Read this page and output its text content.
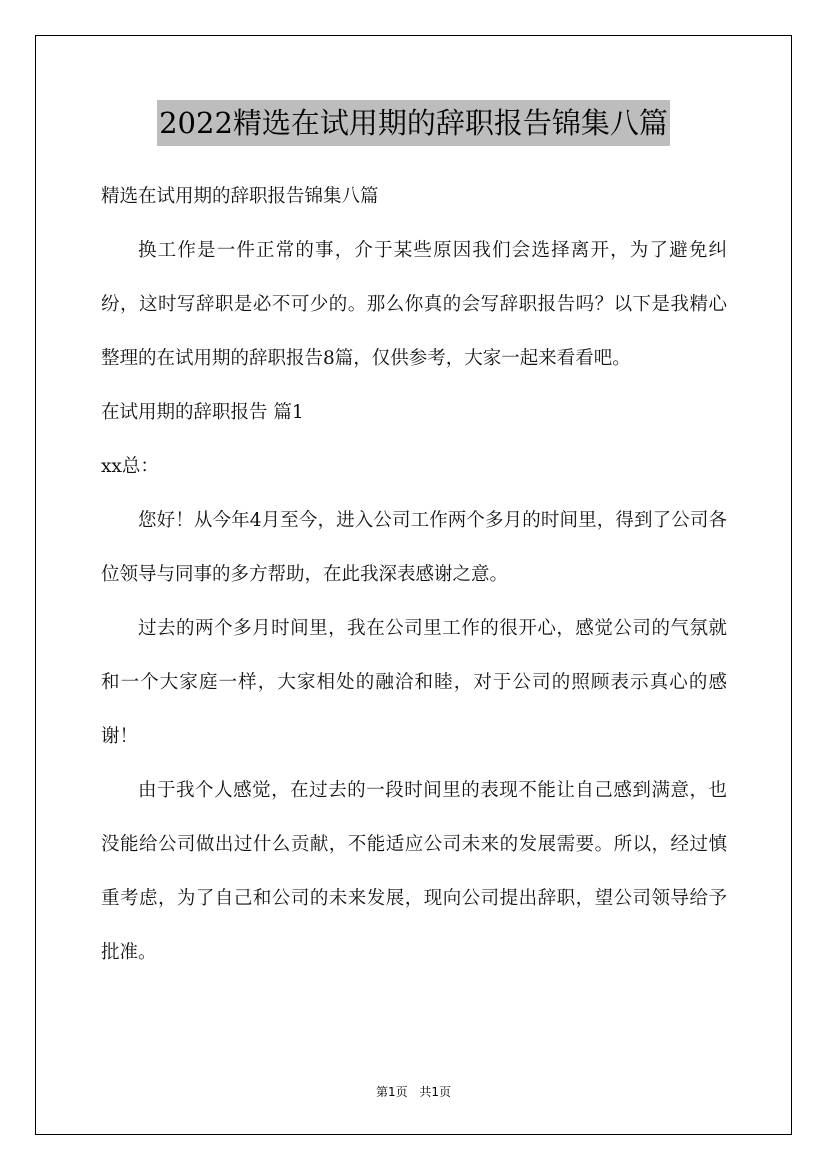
2022精选在试用期的辞职报告锦集八篇

精选在试用期的辞职报告锦集八篇

换工作是一件正常的事，介于某些原因我们会选择离开，为了避免纠纷，这时写辞职是必不可少的。那么你真的会写辞职报告吗？以下是我精心整理的在试用期的辞职报告8篇，仅供参考，大家一起来看看吧。

在试用期的辞职报告 篇1

xx总：

您好！从今年4月至今，进入公司工作两个多月的时间里，得到了公司各位领导与同事的多方帮助，在此我深表感谢之意。

过去的两个多月时间里，我在公司里工作的很开心，感觉公司的气氛就和一个大家庭一样，大家相处的融洽和睦，对于公司的照顾表示真心的感谢！

由于我个人感觉，在过去的一段时间里的表现不能让自己感到满意，也没能给公司做出过什么贡献，不能适应公司未来的发展需要。所以，经过慎重考虑，为了自己和公司的未来发展，现向公司提出辞职，望公司领导给予批准。

第1页 共1页
